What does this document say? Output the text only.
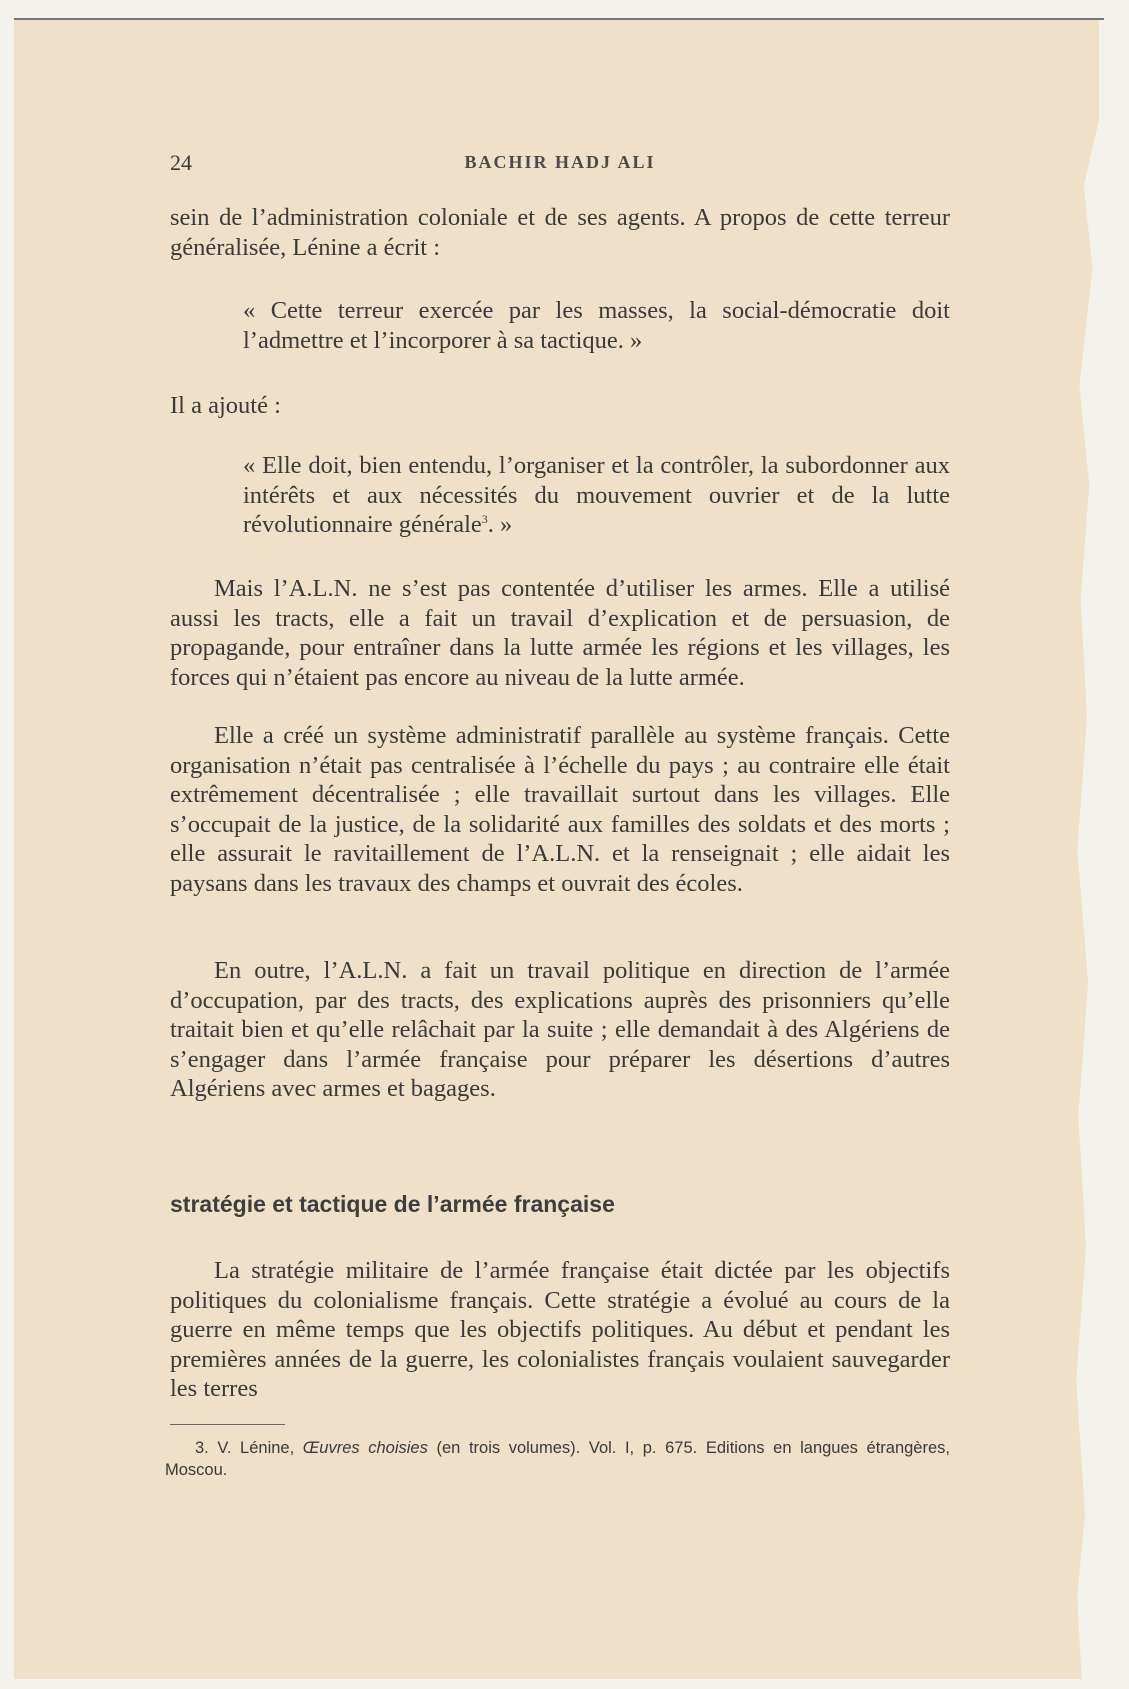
24	BACHIR HADJ ALI

sein de l’administration coloniale et de ses agents. A propos de cette terreur généralisée, Lénine a écrit :

« Cette terreur exercée par les masses, la social-démocratie doit l’admettre et l’incorporer à sa tactique. »

Il a ajouté :

« Elle doit, bien entendu, l’organiser et la contrôler, la subordonner aux intérêts et aux nécessités du mouvement ouvrier et de la lutte révolutionnaire générale$^3$. »

Mais l’A.L.N. ne s’est pas contentée d’utiliser les armes. Elle a utilisé aussi les tracts, elle a fait un travail d’explication et de persuasion, de propagande, pour entraîner dans la lutte armée les régions et les villages, les forces qui n’étaient pas encore au niveau de la lutte armée.

Elle a créé un système administratif parallèle au système français. Cette organisation n’était pas centralisée à l’échelle du pays ; au contraire elle était extrêmement décentralisée ; elle travaillait surtout dans les villages. Elle s’occupait de la justice, de la solidarité aux familles des soldats et des morts ; elle assurait le ravitaillement de l’A.L.N. et la renseignait ; elle aidait les paysans dans les travaux des champs et ouvrait des écoles.

En outre, l’A.L.N. a fait un travail politique en direction de l’armée d’occupation, par des tracts, des explications auprès des prisonniers qu’elle traitait bien et qu’elle relâchait par la suite ; elle demandait à des Algériens de s’engager dans l’armée française pour préparer les désertions d’autres Algériens avec armes et bagages.

stratégie et tactique de l’armée française

La stratégie militaire de l’armée française était dictée par les objectifs politiques du colonialisme français. Cette stratégie a évolué au cours de la guerre en même temps que les objectifs politiques. Au début et pendant les premières années de la guerre, les colonialistes français voulaient sauvegarder les terres

3. V. Lénine, Œuvres choisies (en trois volumes). Vol. I, p. 675. Editions en langues étrangères, Moscou.
